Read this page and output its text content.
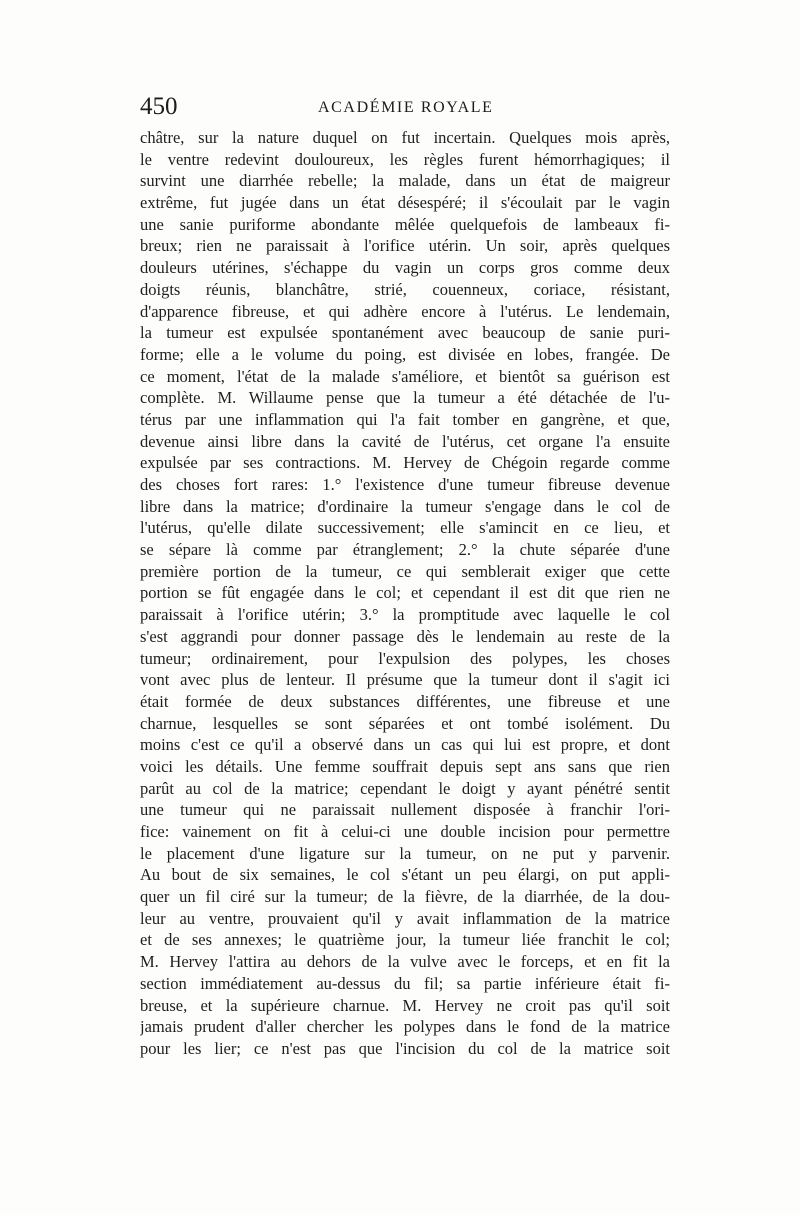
450	ACADÉMIE ROYALE
châtre, sur la nature duquel on fut incertain. Quelques mois après,
le ventre redevint douloureux, les règles furent hémorrhagiques; il
survint une diarrhée rebelle; la malade, dans un état de maigreur
extrême, fut jugée dans un état désespéré; il s'écoulait par le vagin
une sanie puriforme abondante mêlée quelquefois de lambeaux fi-
breux; rien ne paraissait à l'orifice utérin. Un soir, après quelques
douleurs utérines, s'échappe du vagin un corps gros comme deux
doigts réunis, blanchâtre, strié, couenneux, coriace, résistant,
d'apparence fibreuse, et qui adhère encore à l'utérus. Le lendemain,
la tumeur est expulsée spontanément avec beaucoup de sanie puri-
forme; elle a le volume du poing, est divisée en lobes, frangée. De
ce moment, l'état de la malade s'améliore, et bientôt sa guérison est
complète. M. Willaume pense que la tumeur a été détachée de l'u-
térus par une inflammation qui l'a fait tomber en gangrène, et que,
devenue ainsi libre dans la cavité de l'utérus, cet organe l'a ensuite
expulsée par ses contractions. M. Hervey de Chégoin regarde comme
des choses fort rares: 1.° l'existence d'une tumeur fibreuse devenue
libre dans la matrice; d'ordinaire la tumeur s'engage dans le col de
l'utérus, qu'elle dilate successivement; elle s'amincit en ce lieu, et
se sépare là comme par étranglement; 2.° la chute séparée d'une
première portion de la tumeur, ce qui semblerait exiger que cette
portion se fût engagée dans le col; et cependant il est dit que rien ne
paraissait à l'orifice utérin; 3.° la promptitude avec laquelle le col
s'est aggrandi pour donner passage dès le lendemain au reste de la
tumeur; ordinairement, pour l'expulsion des polypes, les choses
vont avec plus de lenteur. Il présume que la tumeur dont il s'agit ici
était formée de deux substances différentes, une fibreuse et une
charnue, lesquelles se sont séparées et ont tombé isolément. Du
moins c'est ce qu'il a observé dans un cas qui lui est propre, et dont
voici les détails. Une femme souffrait depuis sept ans sans que rien
parût au col de la matrice; cependant le doigt y ayant pénétré sentit
une tumeur qui ne paraissait nullement disposée à franchir l'ori-
fice: vainement on fit à celui-ci une double incision pour permettre
le placement d'une ligature sur la tumeur, on ne put y parvenir.
Au bout de six semaines, le col s'étant un peu élargi, on put appli-
quer un fil ciré sur la tumeur; de la fièvre, de la diarrhée, de la dou-
leur au ventre, prouvaient qu'il y avait inflammation de la matrice
et de ses annexes; le quatrième jour, la tumeur liée franchit le col;
M. Hervey l'attira au dehors de la vulve avec le forceps, et en fit la
section immédiatement au-dessus du fil; sa partie inférieure était fi-
breuse, et la supérieure charnue. M. Hervey ne croit pas qu'il soit
jamais prudent d'aller chercher les polypes dans le fond de la matrice
pour les lier; ce n'est pas que l'incision du col de la matrice soit
